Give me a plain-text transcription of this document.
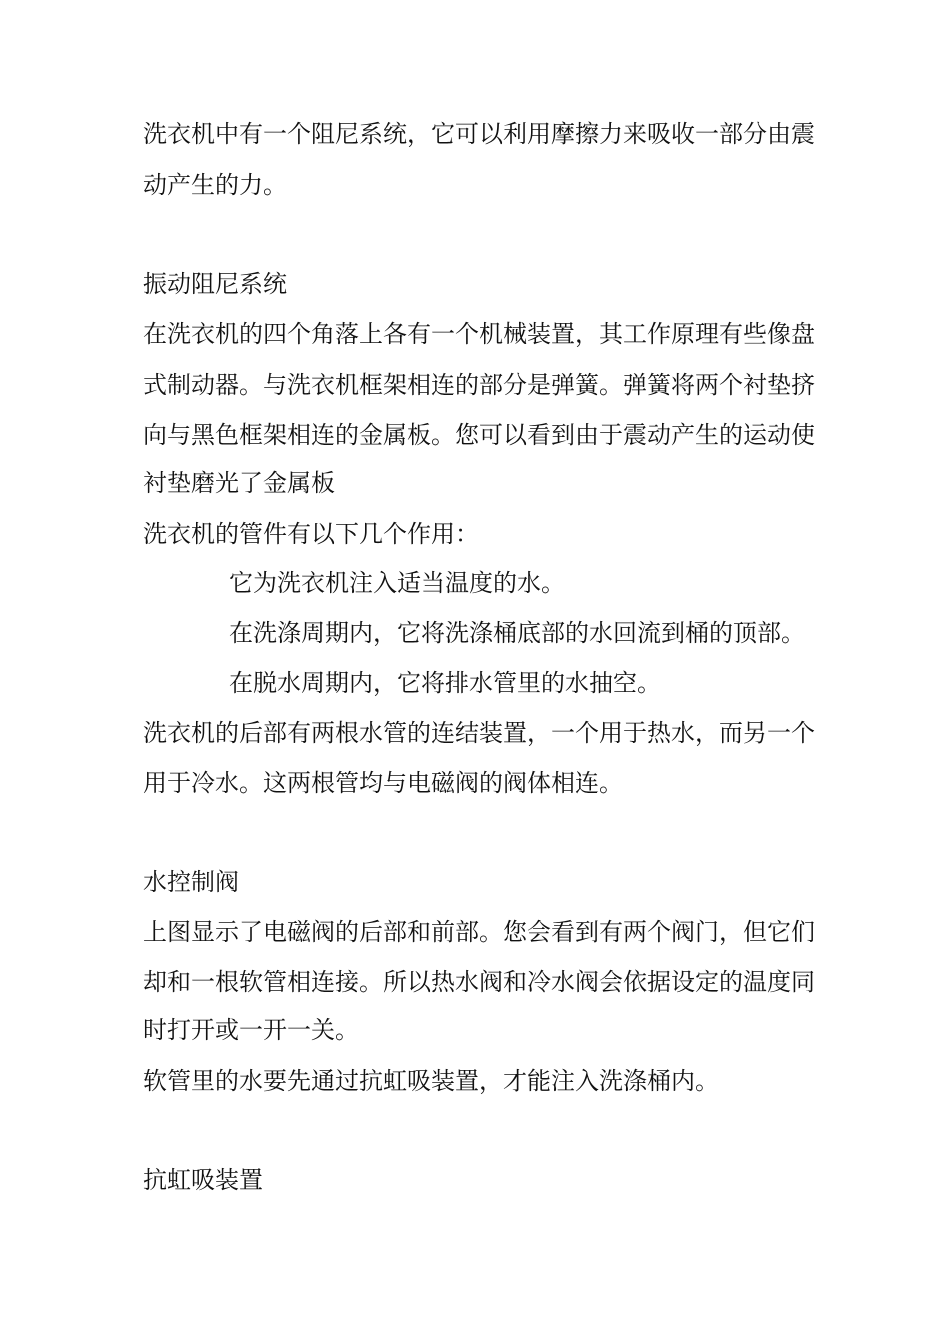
洗衣机中有一个阻尼系统，它可以利用摩擦力来吸收一部分由震
动产生的力。
振动阻尼系统
在洗衣机的四个角落上各有一个机械装置，其工作原理有些像盘
式制动器。与洗衣机框架相连的部分是弹簧。弹簧将两个衬垫挤
向与黑色框架相连的金属板。您可以看到由于震动产生的运动使
衬垫磨光了金属板
洗衣机的管件有以下几个作用：
它为洗衣机注入适当温度的水。
在洗涤周期内，它将洗涤桶底部的水回流到桶的顶部。
在脱水周期内，它将排水管里的水抽空。
洗衣机的后部有两根水管的连结装置，一个用于热水，而另一个
用于冷水。这两根管均与电磁阀的阀体相连。
水控制阀
上图显示了电磁阀的后部和前部。您会看到有两个阀门，但它们
却和一根软管相连接。所以热水阀和冷水阀会依据设定的温度同
时打开或一开一关。
软管里的水要先通过抗虹吸装置，才能注入洗涤桶内。
抗虹吸装置
